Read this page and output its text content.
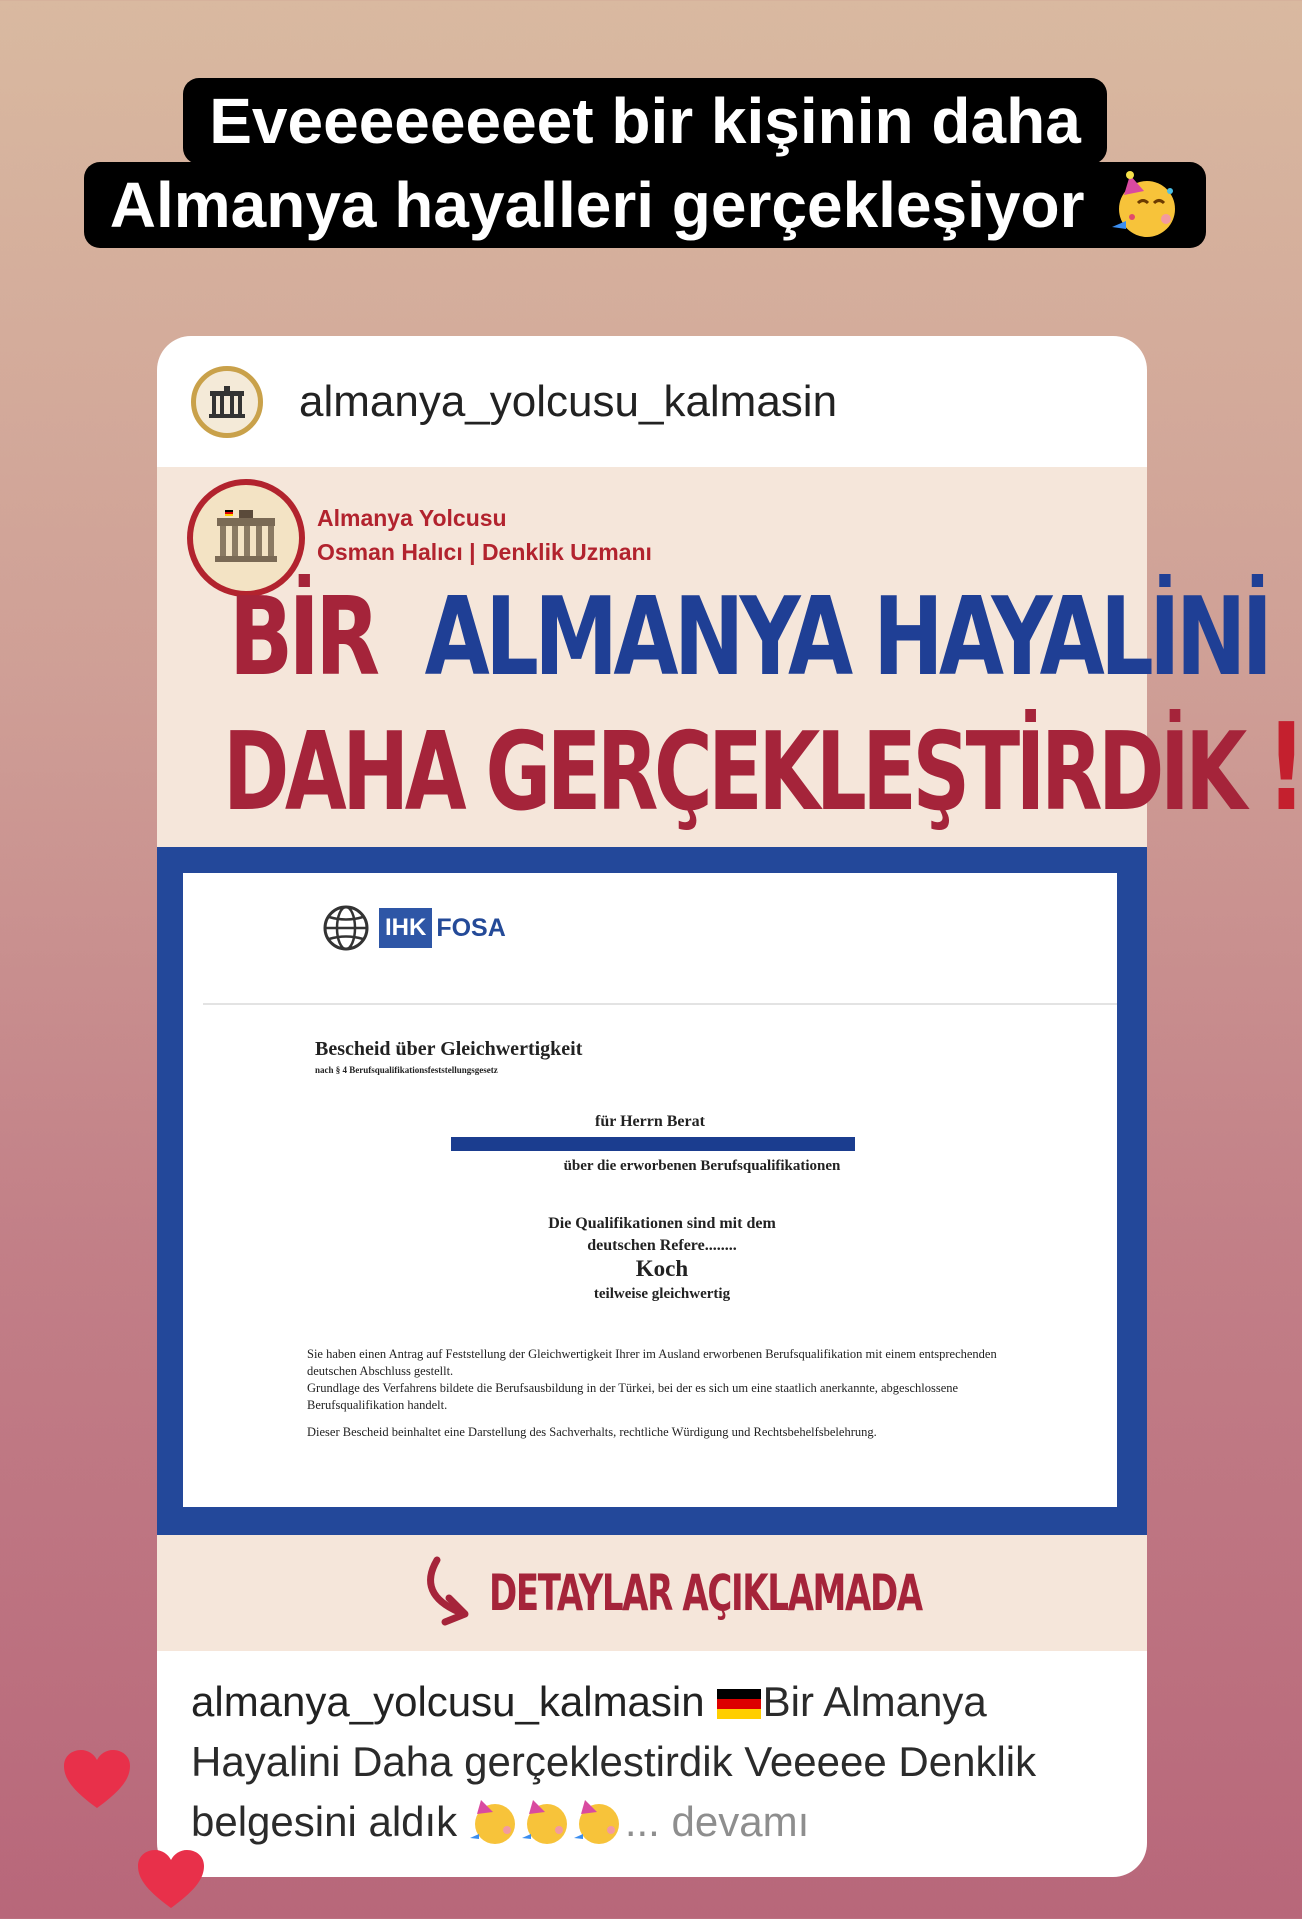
Eveeeeeeeet bir kişinin daha
Almanya hayalleri gerçekleşiyor
almanya_yolcusu_kalmasin
Almanya Yolcusu
Osman Halıcı | Denklik Uzmanı
BİR ALMANYA HAYALİNİ
DAHA GERÇEKLEŞTİRDİK !
IHK FOSA
Bescheid über Gleichwertigkeit
nach § 4 Berufsqualifikationsfeststellungsgesetz
für Herrn Berat
über die erworbenen Berufsqualifikationen
Die Qualifikationen sind mit dem
deutschen Refere........
Koch
teilweise gleichwertig

Sie haben einen Antrag auf Feststellung der Gleichwertigkeit Ihrer im Ausland erworbenen Berufsqualifikation mit einem entsprechenden deutschen Abschluss gestellt.
Grundlage des Verfahrens bildete die Berufsausbildung in der Türkei, bei der es sich um eine staatlich anerkannte, abgeschlossene Berufsqualifikation handelt.

Dieser Bescheid beinhaltet eine Darstellung des Sachverhalts, rechtliche Würdigung und Rechtsbehelfsbelehrung.

DETAYLAR AÇIKLAMADA
almanya_yolcusu_kalmasin Bir Almanya Hayalini Daha gerçeklestirdik Veeeee Denklik belgesini aldık	... devamı
